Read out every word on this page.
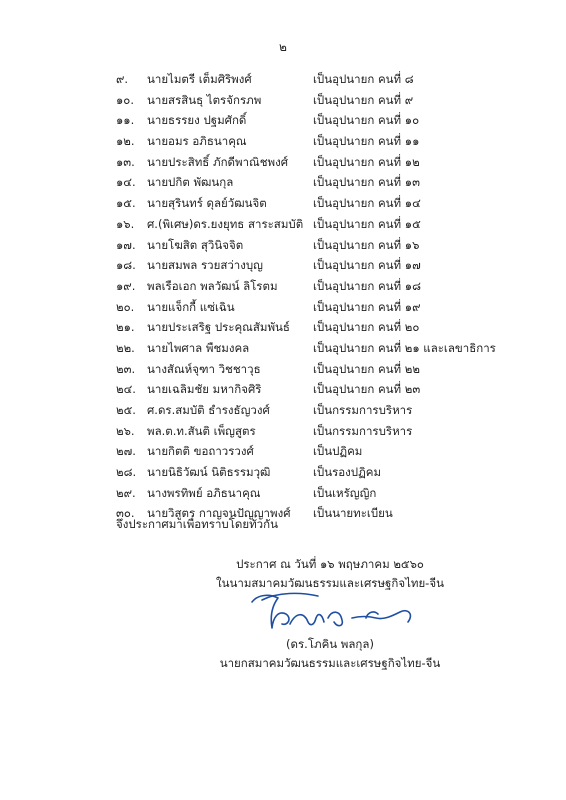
๒
๙. นายไมตรี เต็มศิริพงศ์	เป็นอุปนายก คนที่ ๘
๑๐. นายสรสินธุ ไตรจักรภพ	เป็นอุปนายก คนที่ ๙
๑๑. นายธรรยง ปฐมศักดิ์	เป็นอุปนายก คนที่ ๑๐
๑๒. นายอมร อภิธนาคุณ	เป็นอุปนายก คนที่ ๑๑
๑๓. นายประสิทธิ์ ภักดีพาณิชพงศ์ เป็นอุปนายก คนที่ ๑๒
๑๔. นายปกิต พัฒนกุล	เป็นอุปนายก คนที่ ๑๓
๑๕. นายสุรินทร์ ดุลย์วัฒนจิต	เป็นอุปนายก คนที่ ๑๔
๑๖. ศ.(พิเศษ)ดร.ยงยุทธ สาระสมบัติ เป็นอุปนายก คนที่ ๑๕
๑๗. นายโฆสิต สุวินิจจิต	เป็นอุปนายก คนที่ ๑๖
๑๘. นายสมพล รวยสว่างบุญ	เป็นอุปนายก คนที่ ๑๗
๑๙. พลเรือเอก พลวัฒน์ ลิโรตม	เป็นอุปนายก คนที่ ๑๘
๒๐. นายแจ็กกี้ แซ่เฉิน	เป็นอุปนายก คนที่ ๑๙
๒๑. นายประเสริฐ ประคุณสัมพันธ์ เป็นอุปนายก คนที่ ๒๐
๒๒. นายไพศาล พืชมงคล	เป็นอุปนายก คนที่ ๒๑ และเลขาธิการ
๒๓. นางสัณห์จุฑา วิชชาวุธ	เป็นอุปนายก คนที่ ๒๒
๒๔. นายเฉลิมชัย มหากิจศิริ	เป็นอุปนายก คนที่ ๒๓
๒๕. ศ.ดร.สมบัติ ธำรงธัญวงศ์	เป็นกรรมการบริหาร
๒๖. พล.ต.ท.สันติ เพ็ญสูตร	เป็นกรรมการบริหาร
๒๗. นายกิตติ ขอถาวรวงศ์	เป็นปฏิคม
๒๘. นายนิธิวัฒน์ นิติธรรมวุฒิ	เป็นรองปฏิคม
๒๙. นางพรทิพย์ อภิธนาคุณ	เป็นเหรัญญิก
๓๐. นายวิสูตร กาญจนปัญญาพงศ์ เป็นนายทะเบียน
จึงประกาศมาเพื่อทราบโดยทั่วกัน
ประกาศ ณ วันที่ ๑๖ พฤษภาคม ๒๕๖๐
ในนามสมาคมวัฒนธรรมและเศรษฐกิจไทย-จีน
(ดร.โภคิน พลกุล)
นายกสมาคมวัฒนธรรมและเศรษฐกิจไทย-จีน
